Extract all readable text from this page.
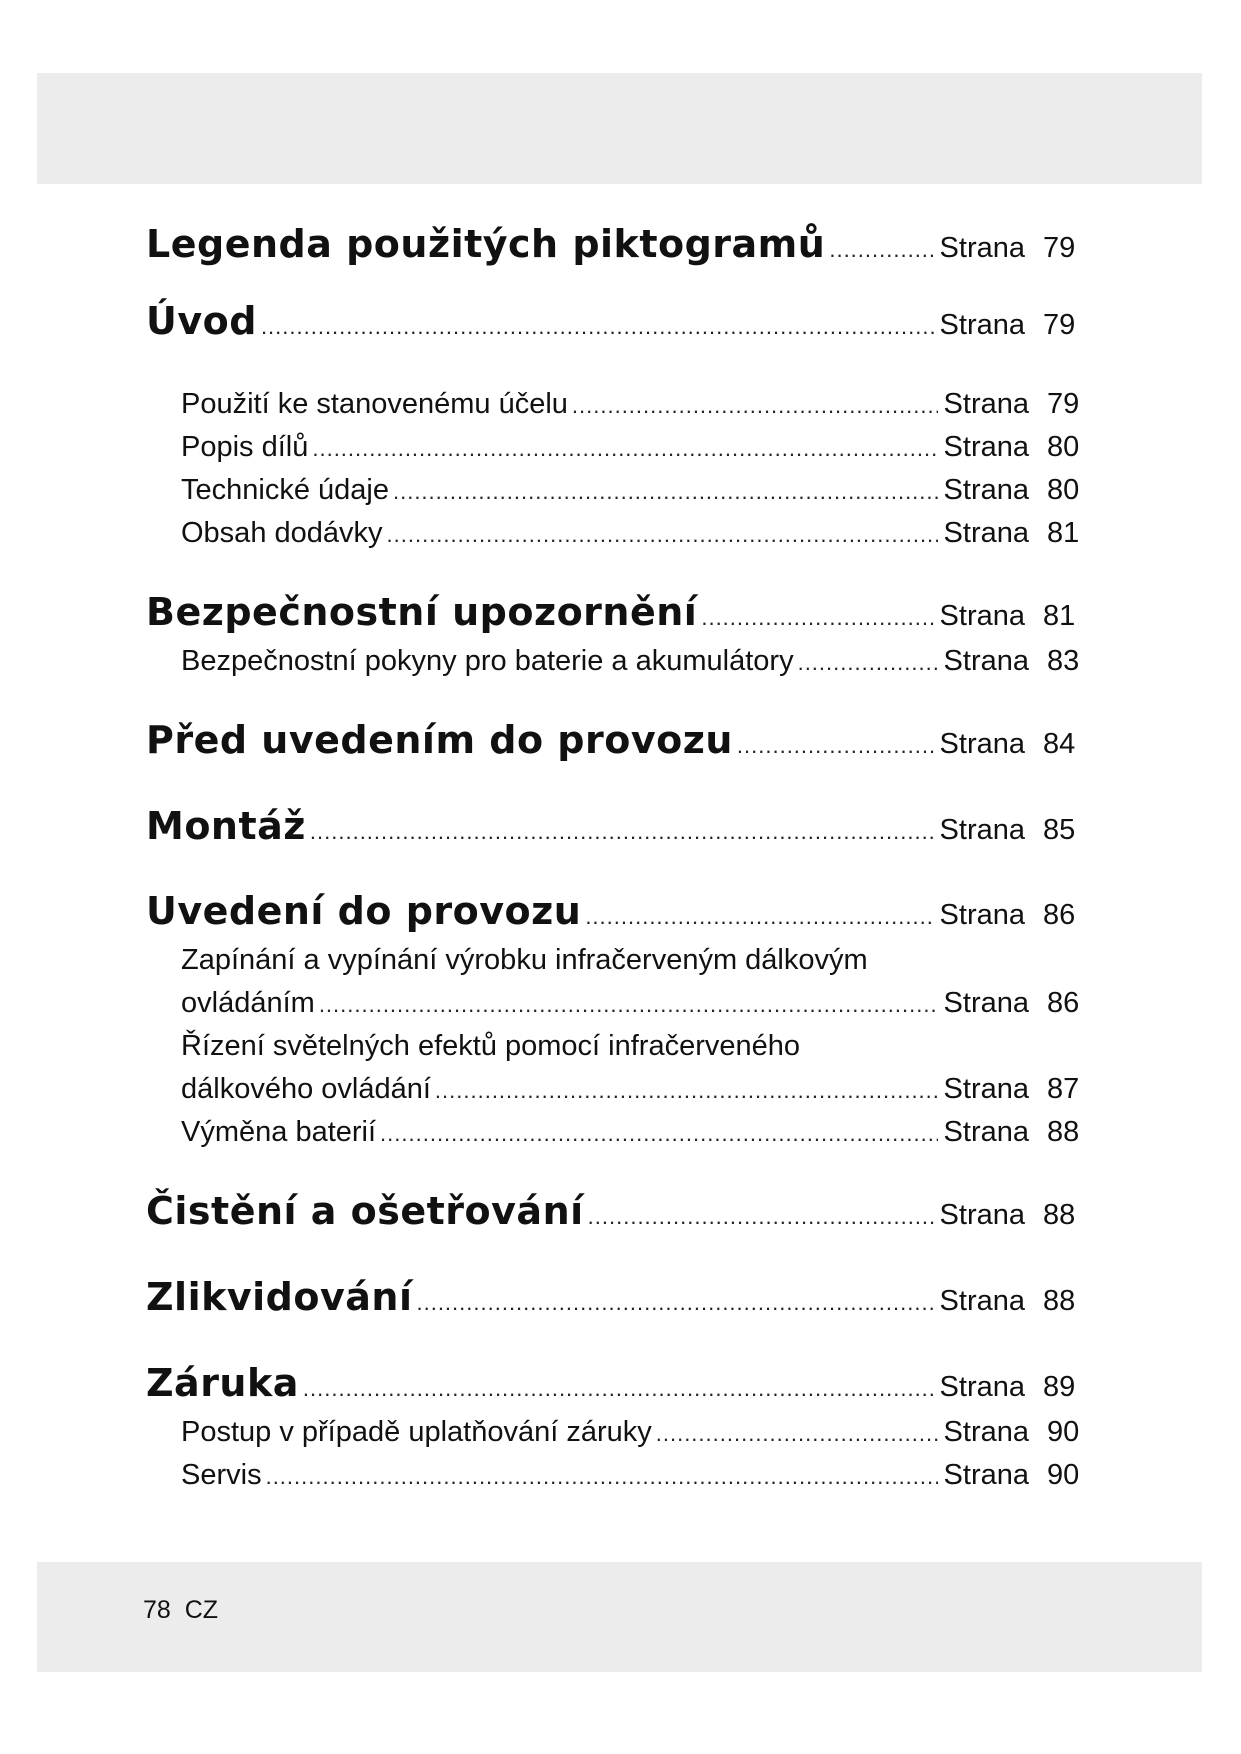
Legenda použitých piktogramů .....	Strana 79
Úvod .....	Strana 79
Použití ke stanovenému účelu .....	Strana 79
Popis dílů .....	Strana 80
Technické údaje .....	Strana 80
Obsah dodávky .....	Strana 81
Bezpečnostní upozornění .....	Strana 81
Bezpečnostní pokyny pro baterie a akumulátory .....	Strana 83
Před uvedením do provozu .....	Strana 84
Montáž .....	Strana 85
Uvedení do provozu .....	Strana 86
Zapínání a vypínání výrobku infračerveným dálkovým
ovládáním .....	Strana 86
Řízení světelných efektů pomocí infračerveného
dálkového ovládání .....	Strana 87
Výměna baterií .....	Strana 88
Čistění a ošetřování .....	Strana 88
Zlikvidování .....	Strana 88
Záruka .....	Strana 89
Postup v případě uplatňování záruky .....	Strana 90
Servis .....	Strana 90
78 CZ
